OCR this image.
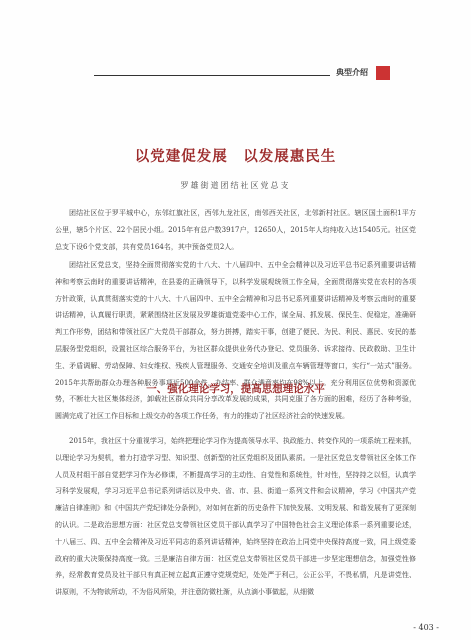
典型介绍
以党建促发展　以发展惠民生
罗雄街道团结社区党总支

团结社区位于罗平城中心，东邻红旗社区，西邻九龙社区，南邻西关社区，北邻新村社区。辖区国土面积1平方公里，辖5个片区、22个居民小组。2015年有总户数3917户，12650人，2015年人均纯收入达15405元。社区党总支下设6个党支部，共有党员164名，其中预备党员2人。

团结社区党总支，坚持全面贯彻落实党的十八大、十八届四中、五中全会精神以及习近平总书记系列重要讲话精神和考察云南时的重要讲话精神，在县委的正确领导下，以科学发展观统领工作全局，全面贯彻落实党在农村的各项方针政策，认真贯彻落实党的十八大、十八届四中、五中全会精神和习总书记系列重要讲话精神及考察云南时的重要讲话精神，认真履行职责，紧紧围绕社区发展及罗雄街道党委中心工作，谋全局、抓发展、保民生、促稳定，准确研判工作形势，团结和带领社区广大党员干部群众，努力拼搏，踏实干事，创建了便民、为民、利民、惠民、安民的基层服务型党组织，设置社区综合服务平台，为社区群众提供业务代办登记、党员服务、诉求接待、民政救助、卫生计生、矛盾调解、劳动保障、妇女维权、残疾人管理服务、交通安全培训及重点车辆管理等窗口，实行“一站式”服务。2015年共帮助群众办理各种服务事项近500余件，办结率、群众满意率均在98%以上。充分利用区位优势和资源优势，不断壮大社区集体经济，卸载社区群众共同分享改革发展的成果，共同克服了各方面的困难，经历了各种考验，圆满完成了社区工作目标和上级交办的各项工作任务，有力的推动了社区经济社会的快速发展。

一、强化理论学习，提高思想理论水平

2015年，我社区十分重视学习，始终把理论学习作为提高领导水平、执政能力、转变作风的一项系统工程来抓，以理论学习为契机，着力打造学习型、知识型、创新型的社区党组织及团队素质。一是社区党总支带领社区全体工作人员及村组干部自觉把学习作为必修课，不断提高学习的主动性、自觉性和系统性，针对性，坚持持之以恒，认真学习科学发展观，学习习近平总书记系列讲话以及中央、省、市、县、街道一系列文件和会议精神，学习《中国共产党廉洁自律准则》和《中国共产党纪律处分条例》，对如何在新的历史条件下加快发展、文明发展、和谐发展有了更深刻的认识。二是政治思想方面：社区党总支带领社区党员干部认真学习了中国特色社会主义理论体系一系列重要论述，十八届三、四、五中全会精神及习近平同志的系列讲话精神，始终坚持在政治上同党中央保持高度一致，同上级党委政府的重大决策保持高度一致。三是廉洁自律方面：社区党总支带领社区党员干部进一步坚定理想信念，加强党性修养，经常教育党员及社干部只有真正树立起真正遵守党规党纪，处处严于利己，公正公平，不畏私情，凡是讲党性、讲原则，不为物欲所动，不为俗风所染，并注意防微杜渐，从点滴小事做起，从细微

- 403 -
